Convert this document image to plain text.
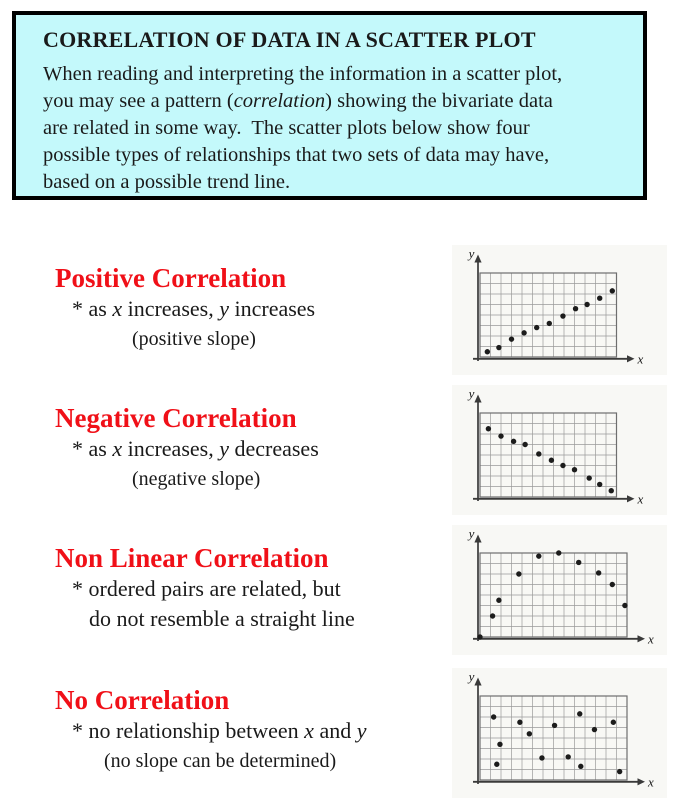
CORRELATION OF DATA IN A SCATTER PLOT
When reading and interpreting the information in a scatter plot,
you may see a pattern (correlation) showing the bivariate data
are related in some way.  The scatter plots below show four
possible types of relationships that two sets of data may have,
based on a possible trend line.
Positive Correlation
* as x increases, y increases
(positive slope)
y
x
Negative Correlation
* as x increases, y decreases
(negative slope)
y
x
Non Linear Correlation
* ordered pairs are related, but
do not resemble a straight line
y
x
No Correlation
* no relationship between x and y
(no slope can be determined)
y
x
